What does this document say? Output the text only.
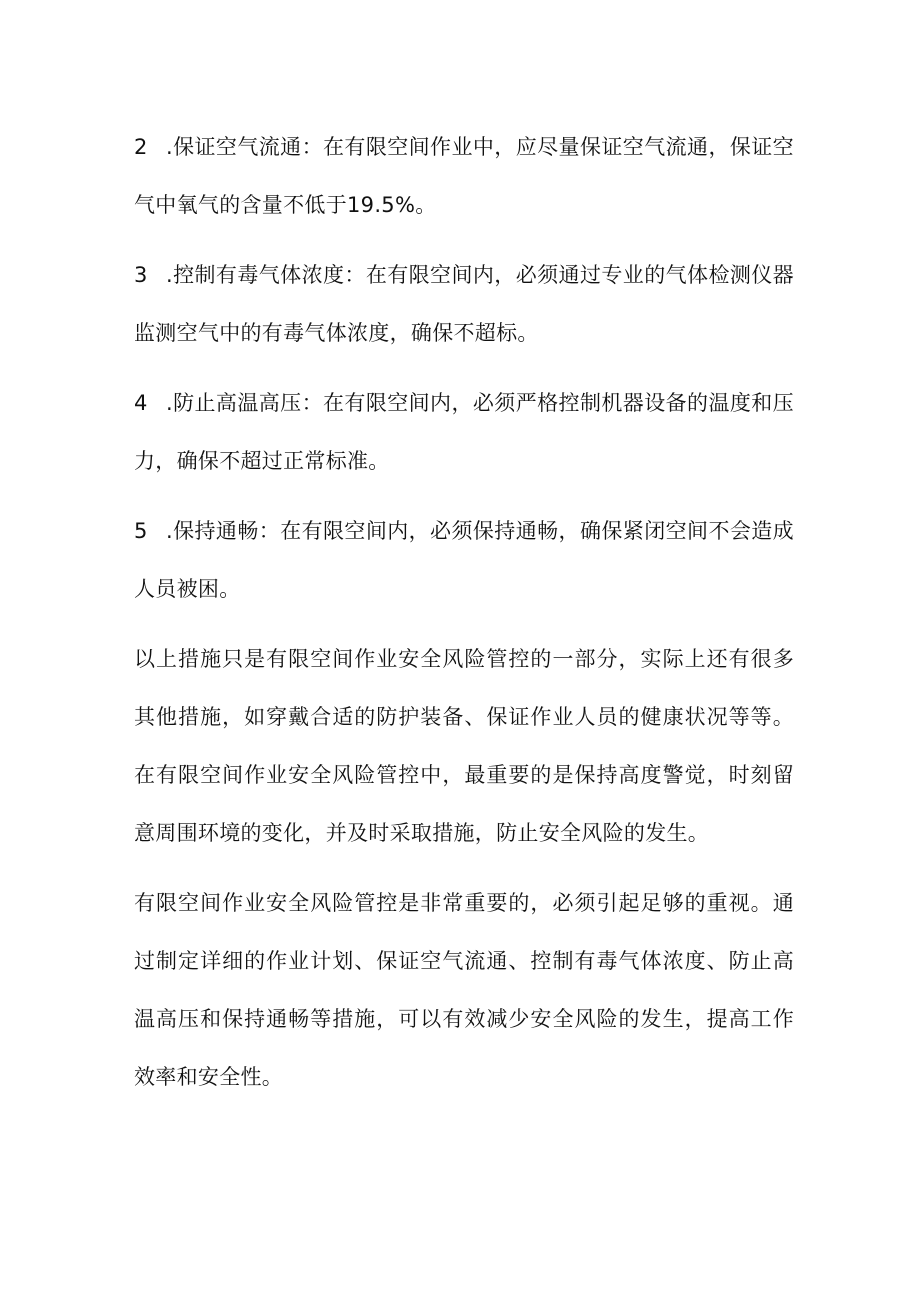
2 .保证空气流通：在有限空间作业中，应尽量保证空气流通，保证空气中氧气的含量不低于19.5%。

3 .控制有毒气体浓度：在有限空间内，必须通过专业的气体检测仪器监测空气中的有毒气体浓度，确保不超标。

4 .防止高温高压：在有限空间内，必须严格控制机器设备的温度和压力，确保不超过正常标准。

5 .保持通畅：在有限空间内，必须保持通畅，确保紧闭空间不会造成人员被困。

以上措施只是有限空间作业安全风险管控的一部分，实际上还有很多其他措施，如穿戴合适的防护装备、保证作业人员的健康状况等等。在有限空间作业安全风险管控中，最重要的是保持高度警觉，时刻留意周围环境的变化，并及时采取措施，防止安全风险的发生。

有限空间作业安全风险管控是非常重要的，必须引起足够的重视。通过制定详细的作业计划、保证空气流通、控制有毒气体浓度、防止高温高压和保持通畅等措施，可以有效减少安全风险的发生，提高工作效率和安全性。
